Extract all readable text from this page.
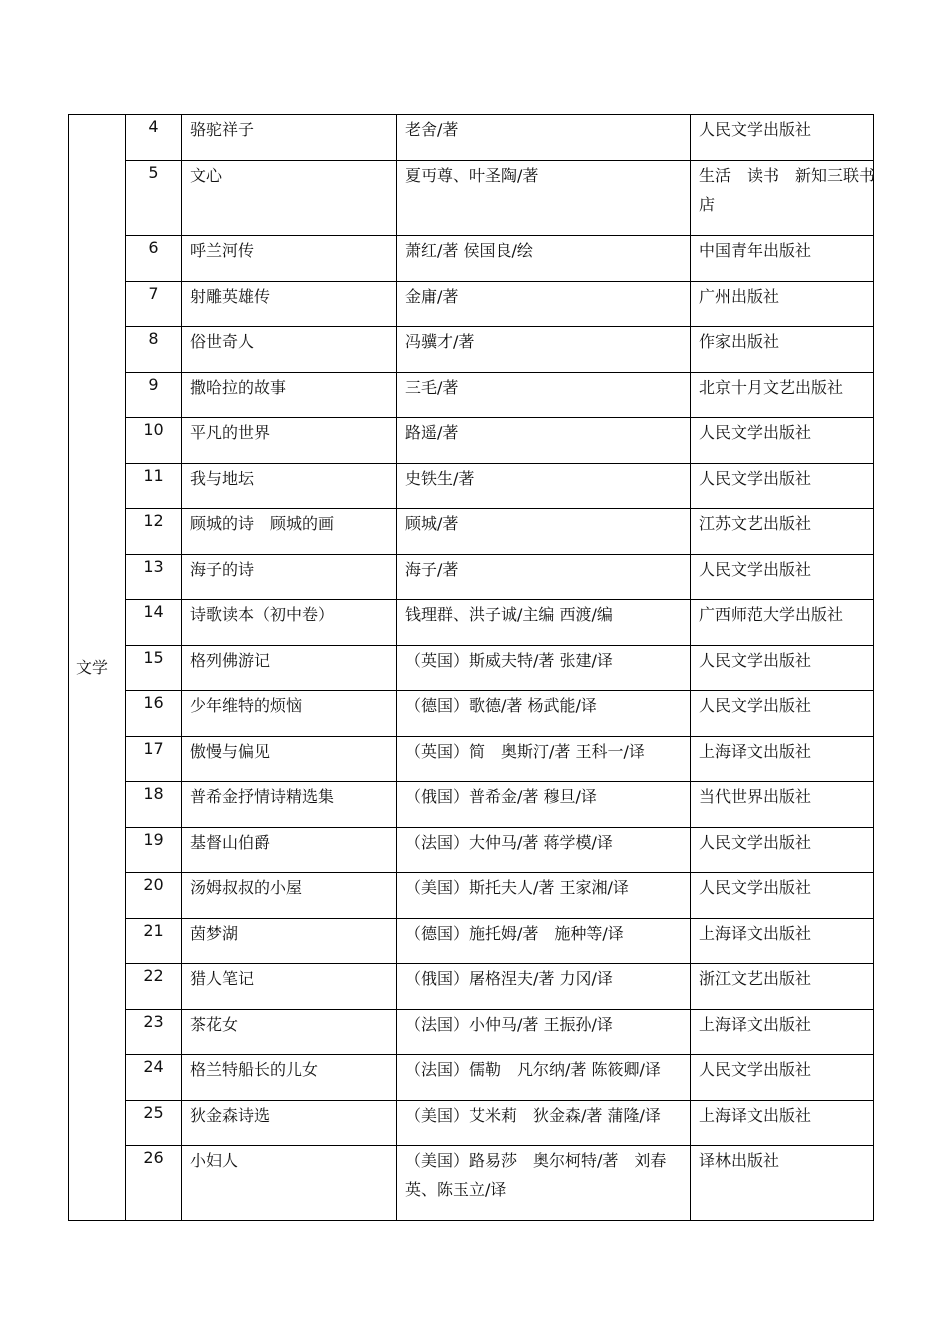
文学	4	骆驼祥子	老舍/著	人民文学出版社

	5	文心	夏丏尊、叶圣陶/著	生活　读书　新知三联书店

	6	呼兰河传	萧红/著 侯国良/绘	中国青年出版社

	7	射雕英雄传	金庸/著	广州出版社

	8	俗世奇人	冯骥才/著	作家出版社

	9	撒哈拉的故事	三毛/著	北京十月文艺出版社

	10	平凡的世界	路遥/著	人民文学出版社

	11	我与地坛	史铁生/著	人民文学出版社

	12	顾城的诗　顾城的画	顾城/著	江苏文艺出版社

	13	海子的诗	海子/著	人民文学出版社

	14	诗歌读本（初中卷）	钱理群、洪子诚/主编 西渡/编	广西师范大学出版社

	15	格列佛游记	（英国）斯威夫特/著 张建/译	人民文学出版社

	16	少年维特的烦恼	（德国）歌德/著 杨武能/译	人民文学出版社

	17	傲慢与偏见	（英国）简　奥斯汀/著 王科一/译	上海译文出版社

	18	普希金抒情诗精选集	（俄国）普希金/著 穆旦/译	当代世界出版社

	19	基督山伯爵	（法国）大仲马/著 蒋学模/译	人民文学出版社

	20	汤姆叔叔的小屋	（美国）斯托夫人/著 王家湘/译	人民文学出版社

	21	茵梦湖	（德国）施托姆/著　施种等/译	上海译文出版社

	22	猎人笔记	（俄国）屠格涅夫/著 力冈/译	浙江文艺出版社

	23	茶花女	（法国）小仲马/著 王振孙/译	上海译文出版社

	24	格兰特船长的儿女	（法国）儒勒　凡尔纳/著 陈筱卿/译	人民文学出版社

	25	狄金森诗选	（美国）艾米莉　狄金森/著 蒲隆/译	上海译文出版社

	26	小妇人	（美国）路易莎　奥尔柯特/著　刘春英、陈玉立/译	译林出版社
